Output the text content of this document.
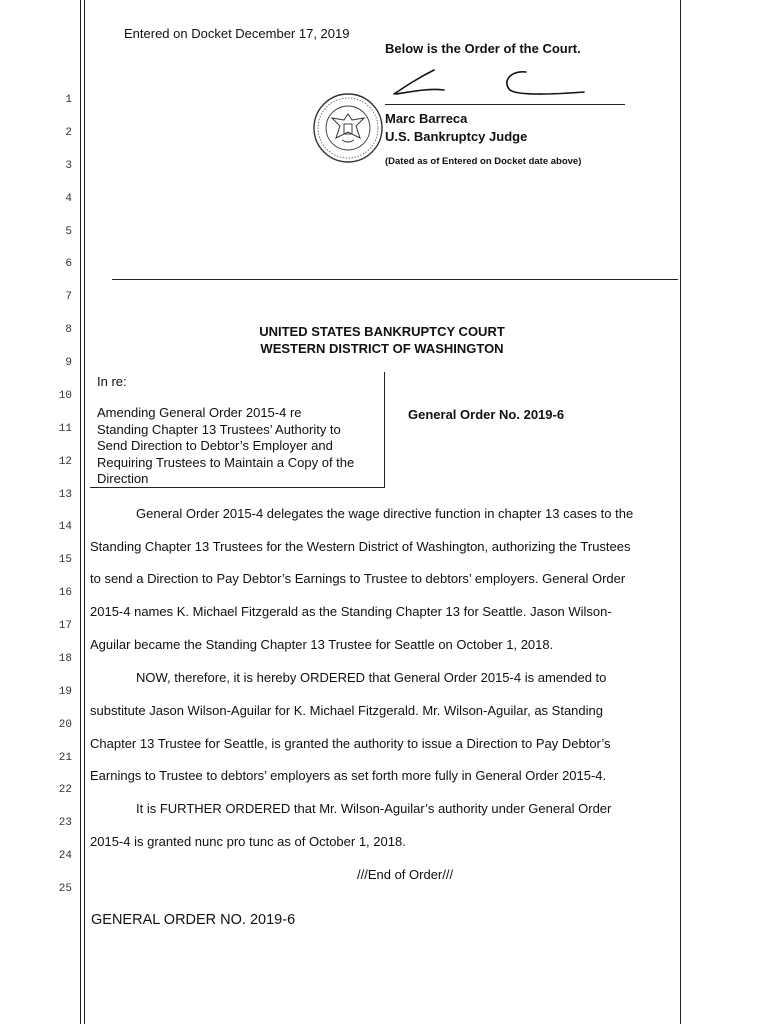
1
2
3
4
5
6
7
8
9
10
11
12
13
14
15
16
17
18
19
20
21
22
23
24
25
Entered on Docket December 17, 2019
Below is the Order of the Court.
Marc Barreca
U.S. Bankruptcy Judge
(Dated as of Entered on Docket date above)
UNITED STATES BANKRUPTCY COURT
WESTERN DISTRICT OF WASHINGTON
In re:
Amending General Order 2015-4 re
Standing Chapter 13 Trustees’ Authority to
Send Direction to Debtor’s Employer and
Requiring Trustees to Maintain a Copy of the
Direction
General Order No. 2019-6
General Order 2015-4 delegates the wage directive function in chapter 13 cases to the
Standing Chapter 13 Trustees for the Western District of Washington, authorizing the Trustees
to send a Direction to Pay Debtor’s Earnings to Trustee to debtors’ employers. General Order
2015-4 names K. Michael Fitzgerald as the Standing Chapter 13 for Seattle. Jason Wilson-
Aguilar became the Standing Chapter 13 Trustee for Seattle on October 1, 2018.
NOW, therefore, it is hereby ORDERED that General Order 2015-4 is amended to
substitute Jason Wilson-Aguilar for K. Michael Fitzgerald. Mr. Wilson-Aguilar, as Standing
Chapter 13 Trustee for Seattle, is granted the authority to issue a Direction to Pay Debtor’s
Earnings to Trustee to debtors’ employers as set forth more fully in General Order 2015-4.
It is FURTHER ORDERED that Mr. Wilson-Aguilar’s authority under General Order
2015-4 is granted nunc pro tunc as of October 1, 2018.
///End of Order///
GENERAL ORDER NO. 2019-6
